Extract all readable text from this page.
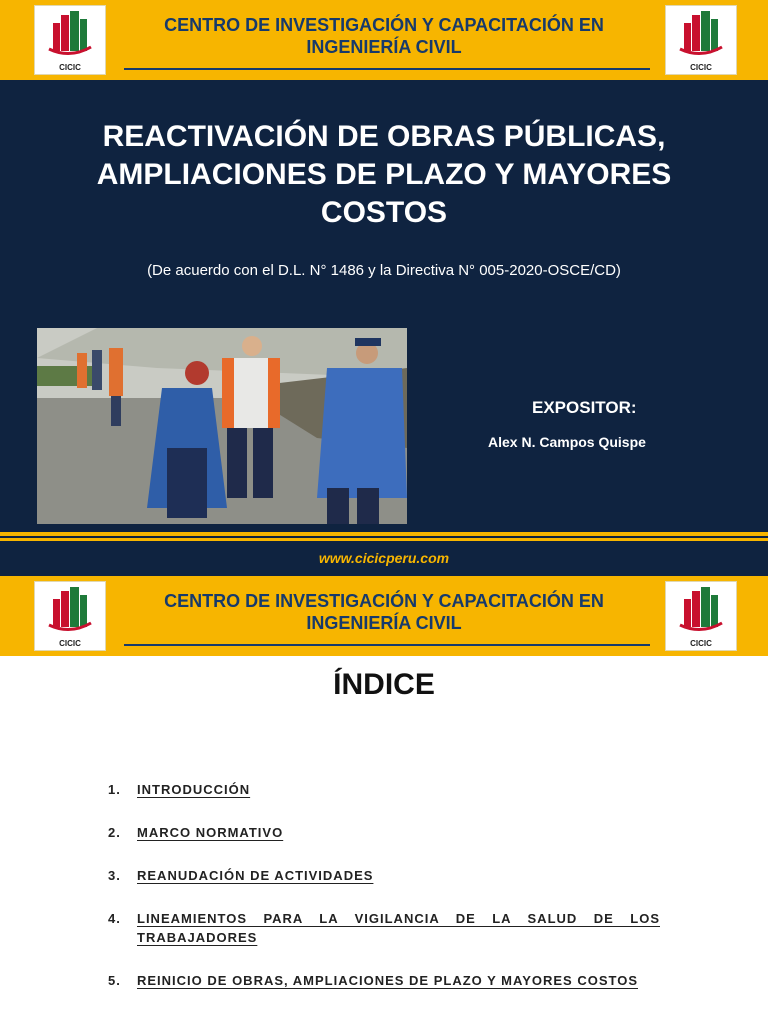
CICIC
CENTRO DE INVESTIGACIÓN Y CAPACITACIÓN EN INGENIERÍA CIVIL
CICIC
REACTIVACIÓN DE OBRAS PÚBLICAS, AMPLIACIONES DE PLAZO Y MAYORES COSTOS
(De acuerdo con el D.L. N° 1486 y la Directiva N° 005-2020-OSCE/CD)
EXPOSITOR:
Alex N. Campos Quispe
www.cicicperu.com
CICIC
CENTRO DE INVESTIGACIÓN Y CAPACITACIÓN EN INGENIERÍA CIVIL
CICIC
ÍNDICE
1. INTRODUCCIÓN
2. MARCO NORMATIVO
3. REANUDACIÓN DE ACTIVIDADES
4. LINEAMIENTOS PARA LA VIGILANCIA DE LA SALUD DE LOS TRABAJADORES
5. REINICIO DE OBRAS, AMPLIACIONES DE PLAZO Y MAYORES COSTOS
